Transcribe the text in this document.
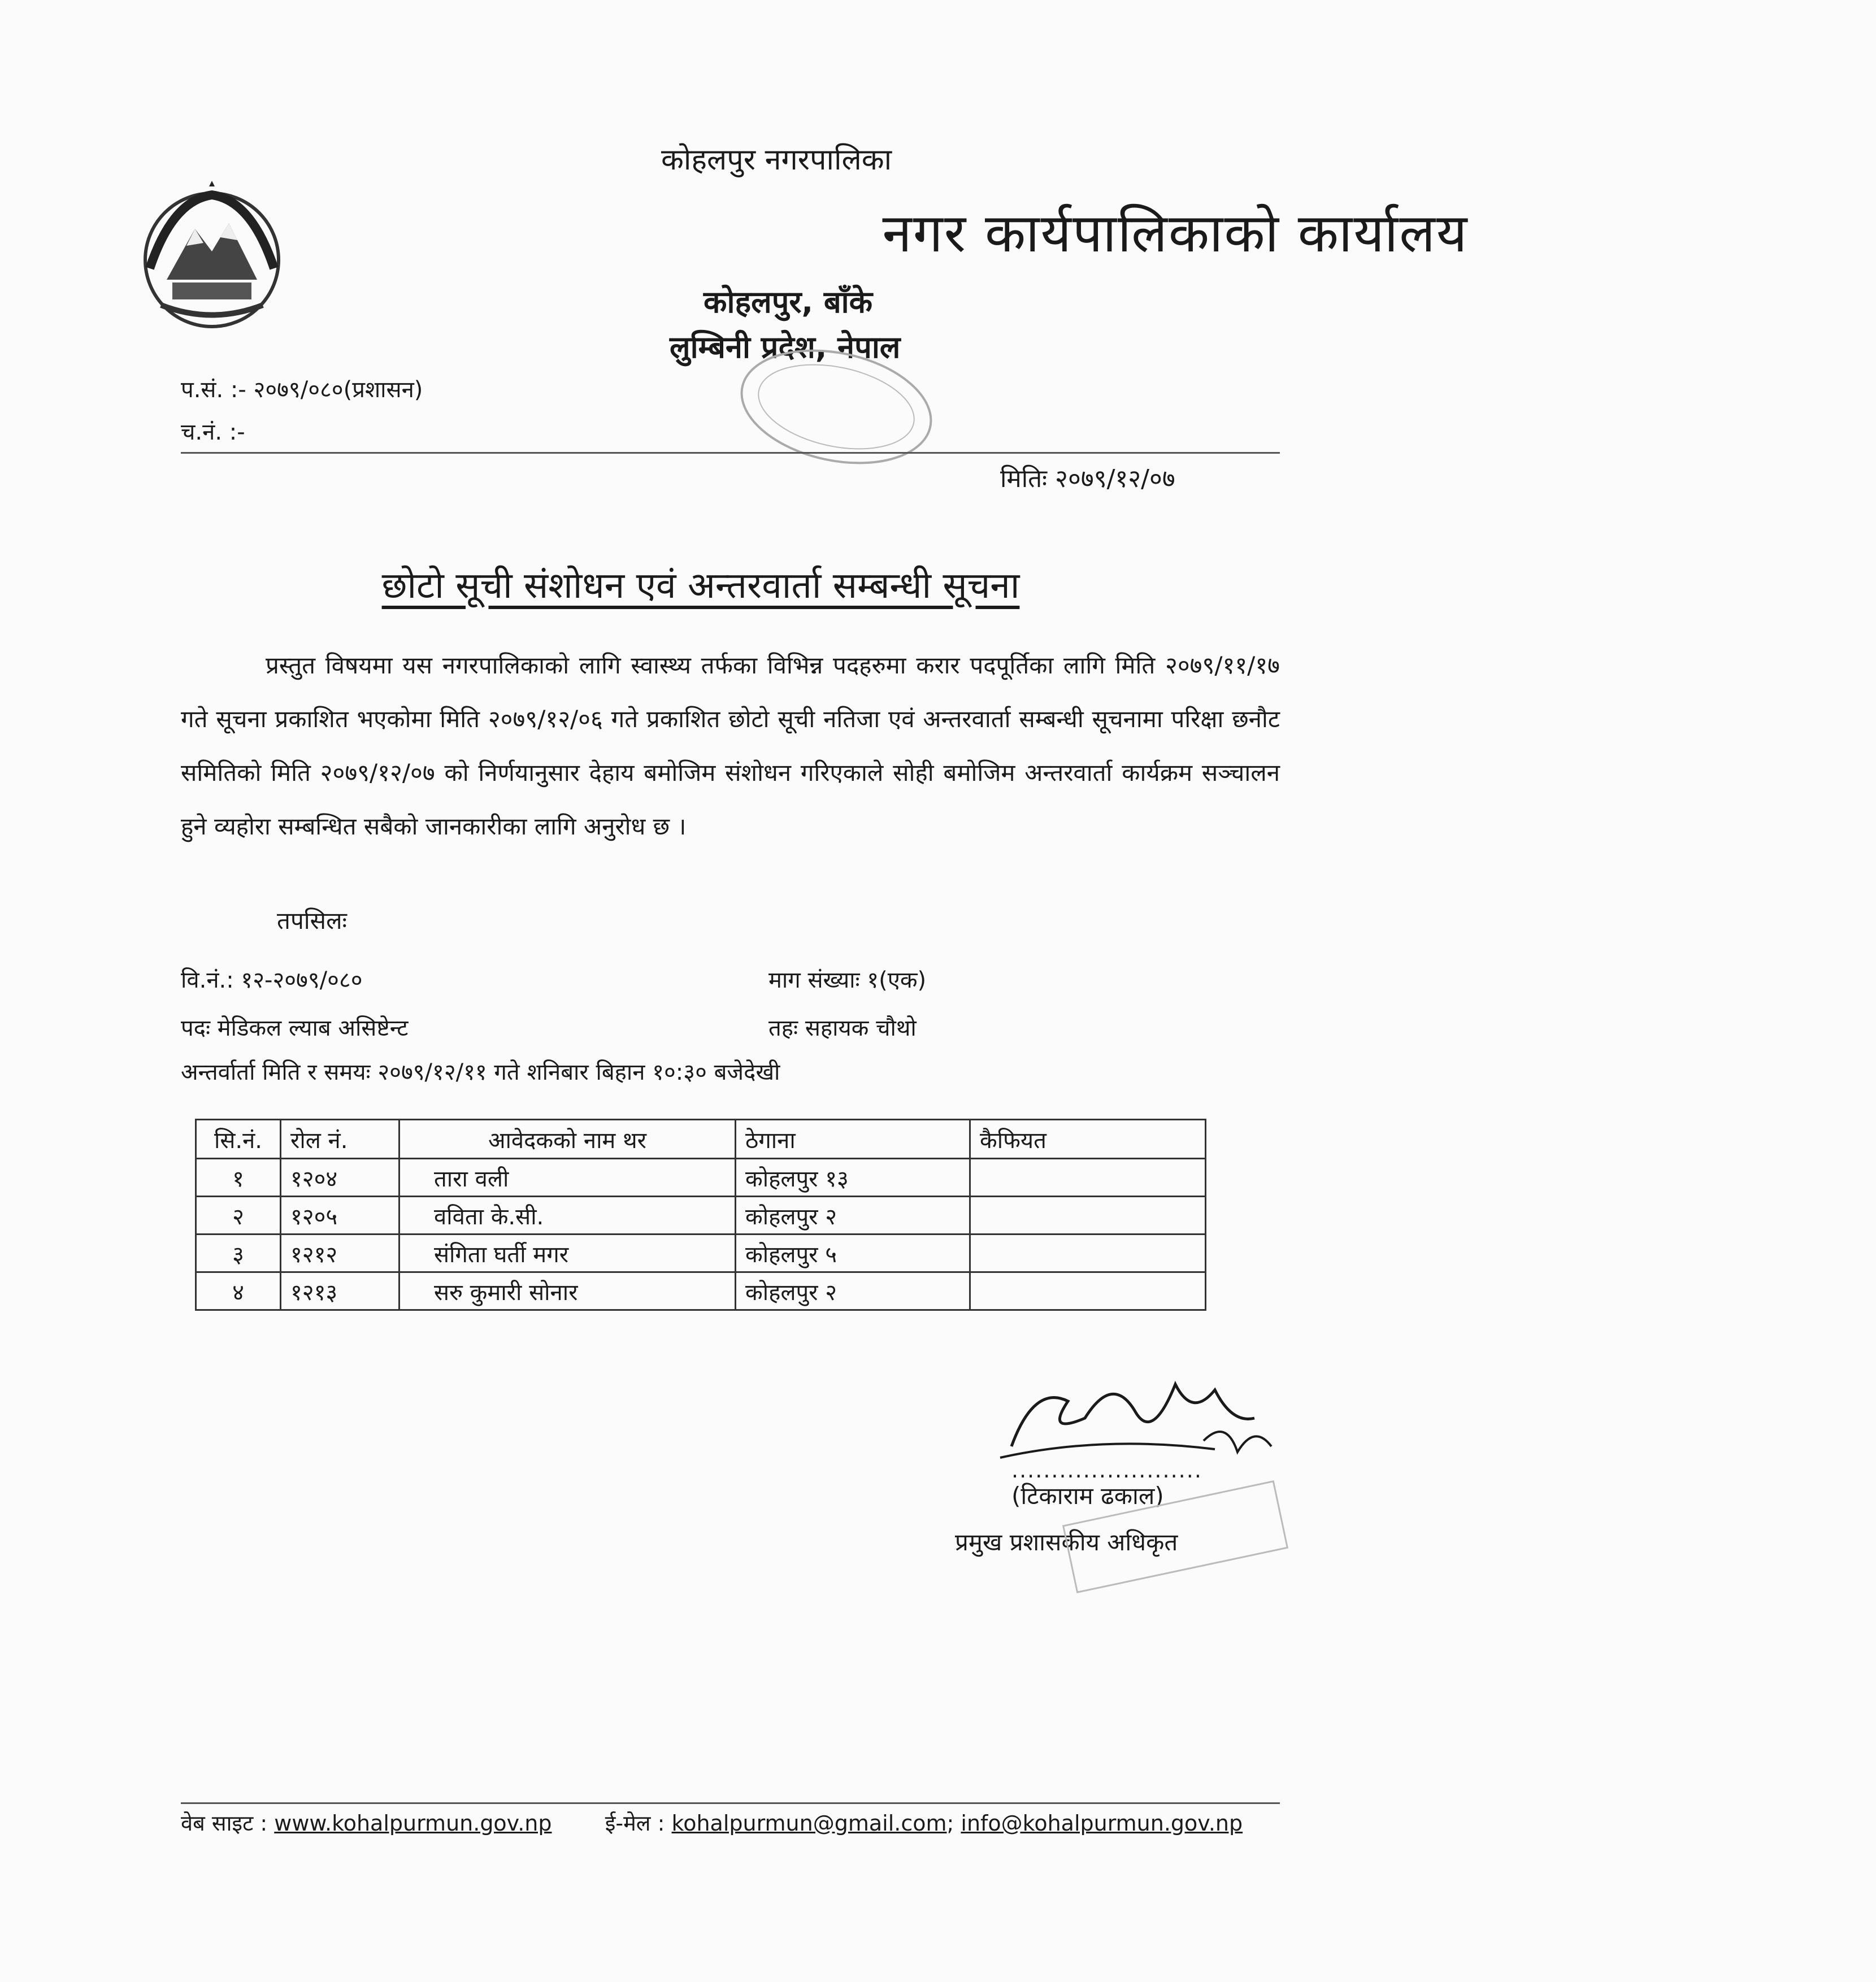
कोहलपुर नगरपालिका
नगर कार्यपालिकाको कार्यालय
कोहलपुर, बाँके
लुम्बिनी प्रदेश, नेपाल
प.सं. :- २०७९/०८०(प्रशासन)
च.नं. :-
मितिः २०७९/१२/०७
छोटो सूची संशोधन एवं अन्तरवार्ता सम्बन्धी सूचना
प्रस्तुत विषयमा यस नगरपालिकाको लागि स्वास्थ्य तर्फका विभिन्न पदहरुमा करार पदपूर्तिका लागि मिति २०७९/११/१७ गते सूचना प्रकाशित भएकोमा मिति २०७९/१२/०६ गते प्रकाशित छोटो सूची नतिजा एवं अन्तरवार्ता सम्बन्धी सूचनामा परिक्षा छनौट समितिको मिति २०७९/१२/०७ को निर्णयानुसार देहाय बमोजिम संशोधन गरिएकाले सोही बमोजिम अन्तरवार्ता कार्यक्रम सञ्चालन हुने व्यहोरा सम्बन्धित सबैको जानकारीका लागि अनुरोध छ ।
तपसिलः
वि.नं.: १२-२०७९/०८०	माग संख्याः १(एक)
पदः मेडिकल ल्याब असिष्टेन्ट	तहः सहायक चौथो
अन्तर्वार्ता मिति र समयः २०७९/१२/११ गते शनिबार बिहान १०:३० बजेदेखी
सि.नं.	रोल नं.	आवेदकको नाम थर	ठेगाना	कैफियत
१	१२०४	तारा वली	कोहलपुर १३	
२	१२०५	वविता के.सी.	कोहलपुर २	
३	१२१२	संगिता घर्ती मगर	कोहलपुर ५	
४	१२१३	सरु कुमारी सोनार	कोहलपुर २	
........................
(टिकाराम ढकाल)
प्रमुख प्रशासकीय अधिकृत
वेब साइट : www.kohalpurmun.gov.np ई-मेल : kohalpurmun@gmail.com; info@kohalpurmun.gov.np
